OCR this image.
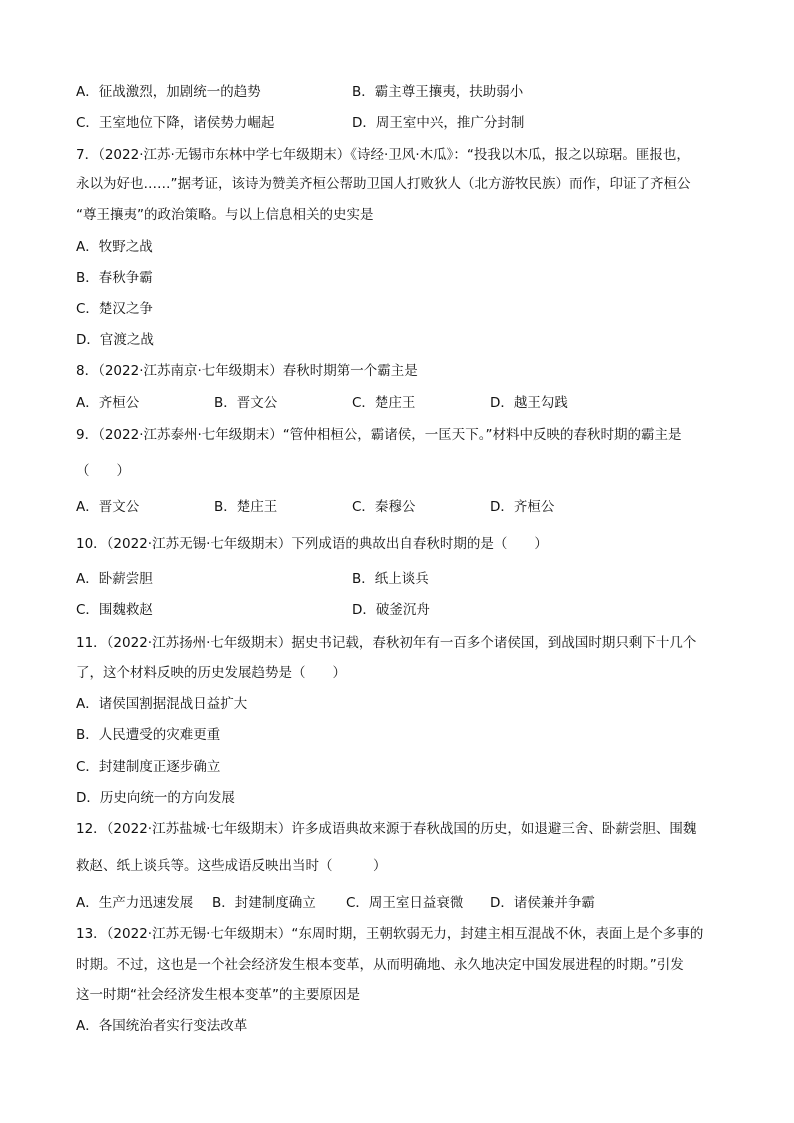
A．征战激烈，加剧统一的趋势	B．霸主尊王攘夷，扶助弱小
C．王室地位下降，诸侯势力崛起	D．周王室中兴，推广分封制
7．（2022·江苏·无锡市东林中学七年级期末）《诗经·卫风·木瓜》：“投我以木瓜，报之以琼琚。匪报也，
永以为好也……”据考证，该诗为赞美齐桓公帮助卫国人打败狄人（北方游牧民族）而作，印证了齐桓公
“尊王攘夷”的政治策略。与以上信息相关的史实是
A．牧野之战
B．春秋争霸
C．楚汉之争
D．官渡之战
8．（2022·江苏南京·七年级期末）春秋时期第一个霸主是
A．齐桓公	B．晋文公	C．楚庄王	D．越王勾践
9．（2022·江苏泰州·七年级期末）“管仲相桓公，霸诸侯，一匡天下。”材料中反映的春秋时期的霸主是
（　　）
A．晋文公	B．楚庄王	C．秦穆公	D．齐桓公
10．（2022·江苏无锡·七年级期末）下列成语的典故出自春秋时期的是（　　）
A．卧薪尝胆	B．纸上谈兵
C．围魏救赵	D．破釜沉舟
11．（2022·江苏扬州·七年级期末）据史书记载，春秋初年有一百多个诸侯国，到战国时期只剩下十几个
了，这个材料反映的历史发展趋势是（　　）
A．诸侯国割据混战日益扩大
B．人民遭受的灾难更重
C．封建制度正逐步确立
D．历史向统一的方向发展
12．（2022·江苏盐城·七年级期末）许多成语典故来源于春秋战国的历史，如退避三舍、卧薪尝胆、围魏
救赵、纸上谈兵等。这些成语反映出当时（　　　）
A．生产力迅速发展 B．封建制度确立 C．周王室日益衰微 D．诸侯兼并争霸
13．（2022·江苏无锡·七年级期末）“东周时期，王朝软弱无力，封建主相互混战不休，表面上是个多事的
时期。不过，这也是一个社会经济发生根本变革，从而明确地、永久地决定中国发展进程的时期。”引发
这一时期“社会经济发生根本变革”的主要原因是
A．各国统治者实行变法改革
